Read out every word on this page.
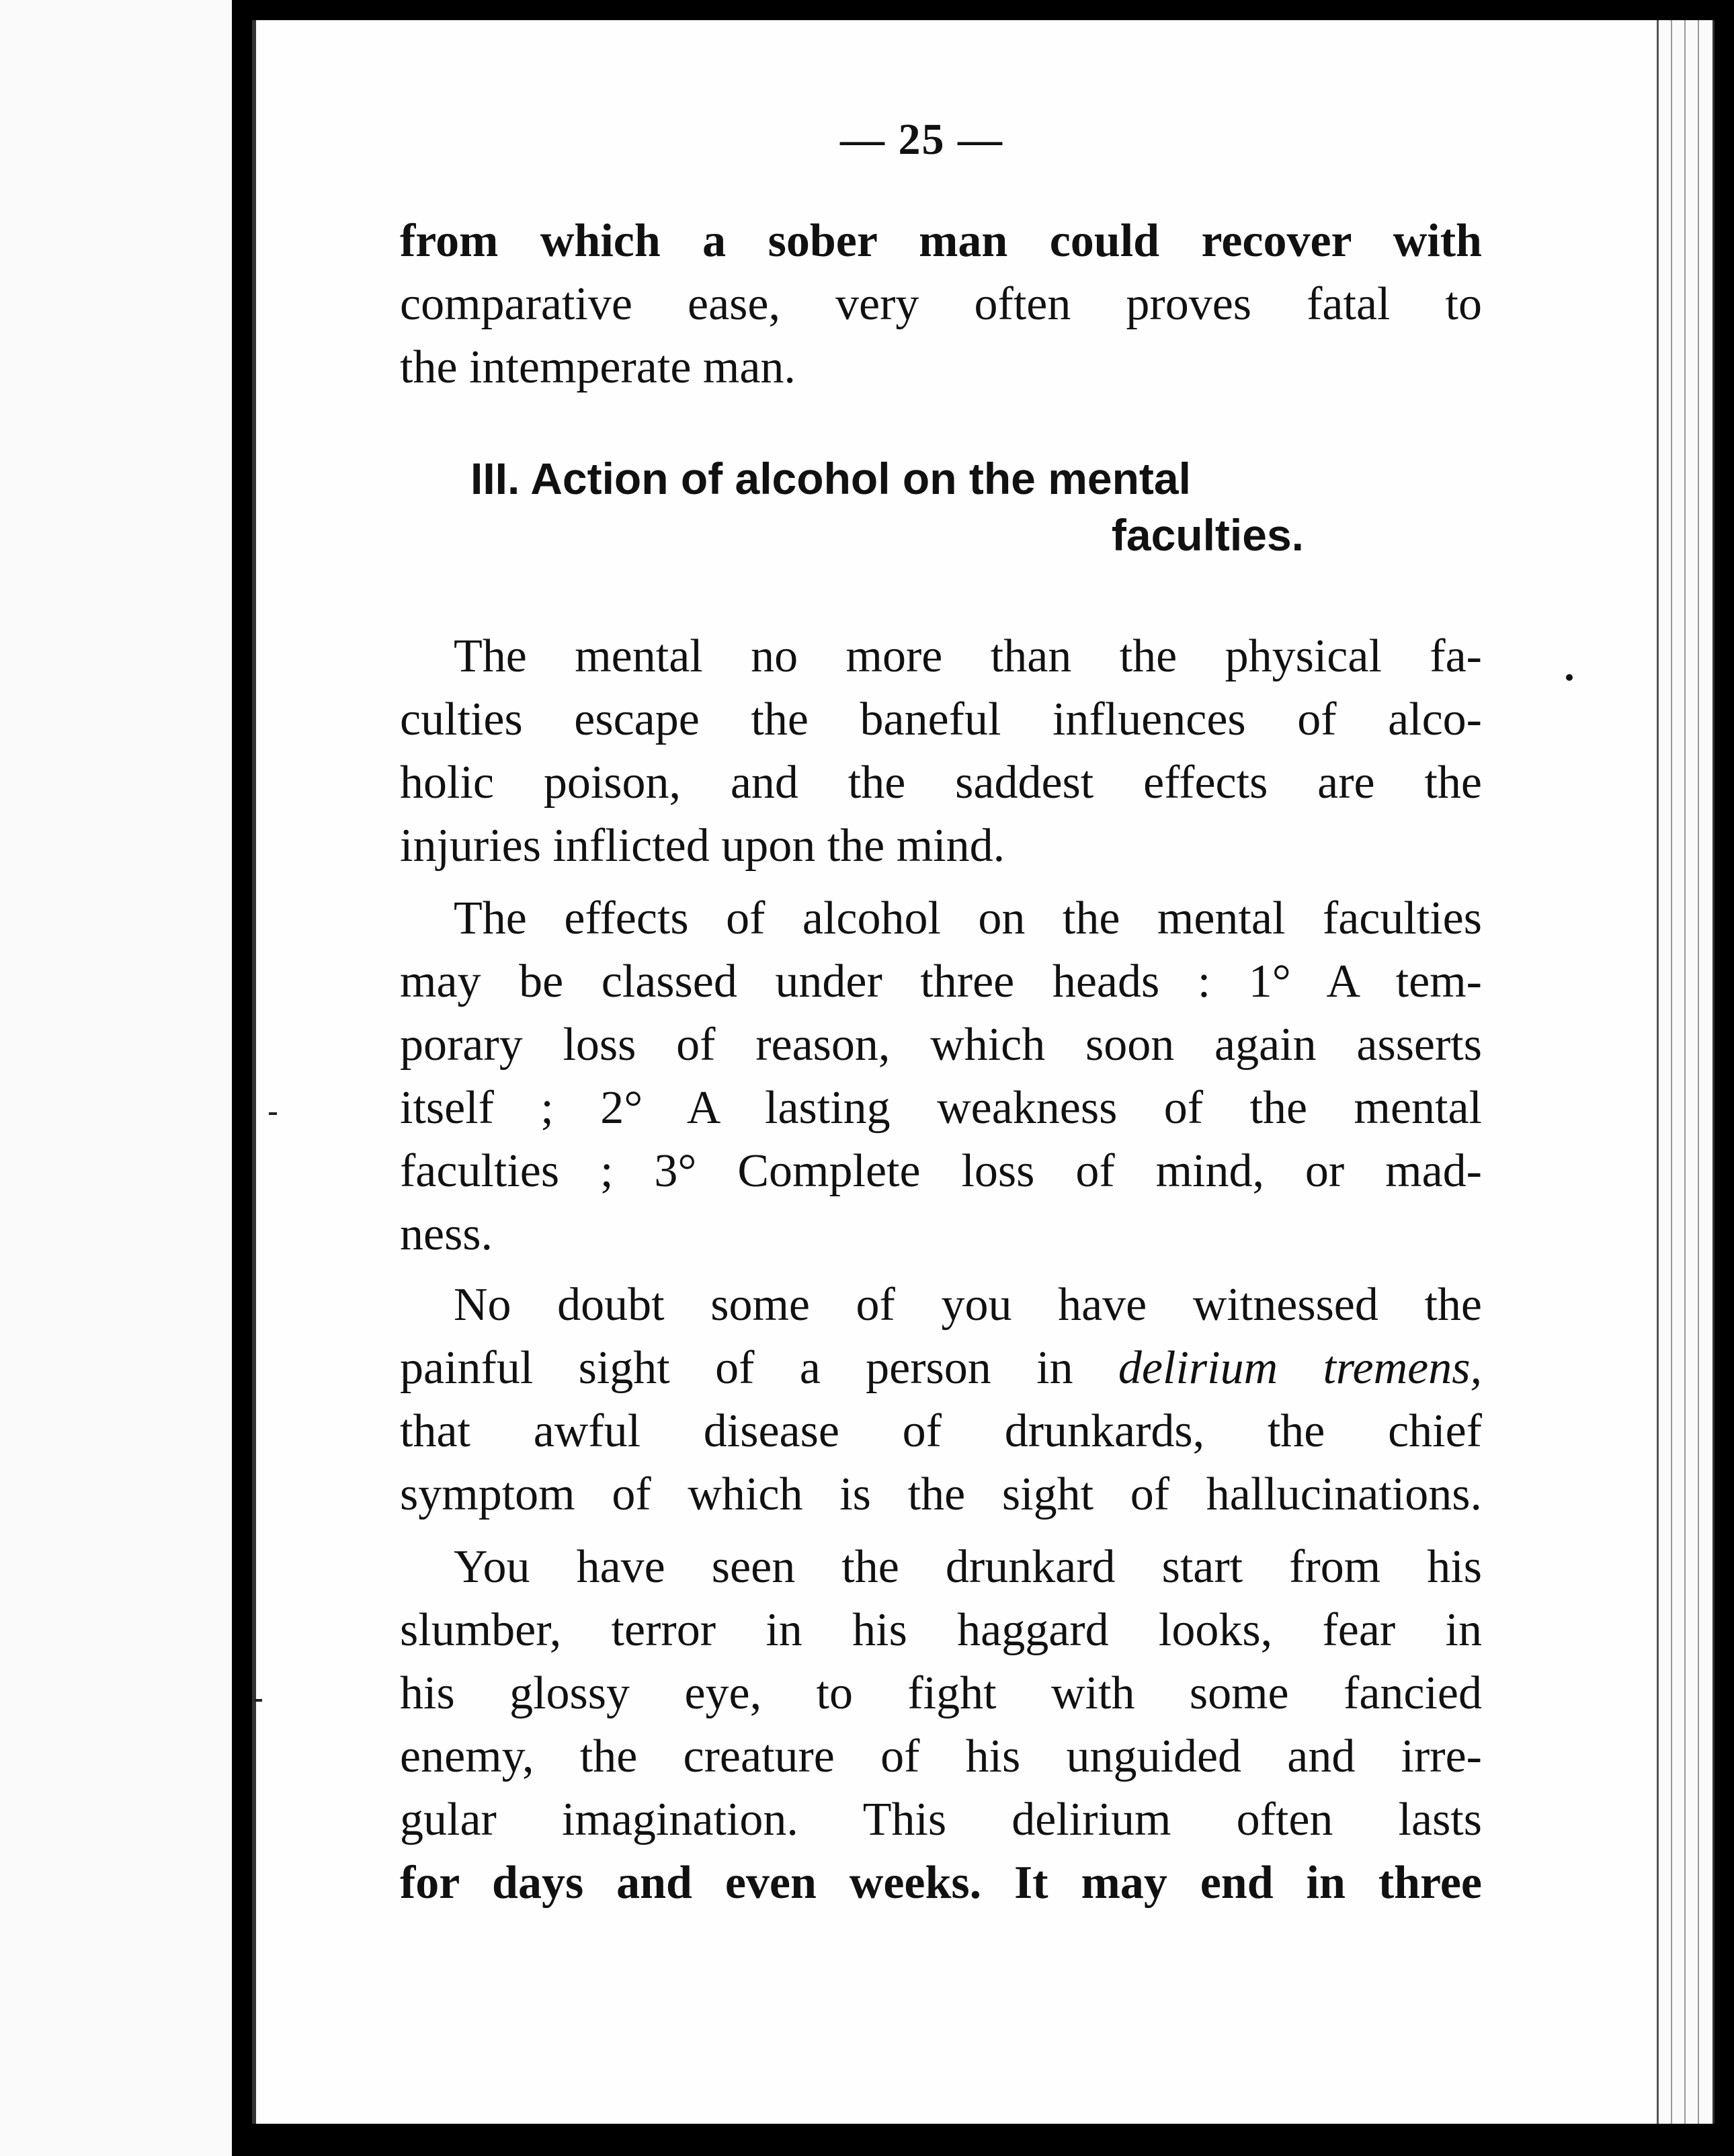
— 25 —
from which a sober man could recover with
comparative ease, very often proves fatal to
the intemperate man.
III. Action of alcohol on the mental
faculties.
The mental no more than the physical fa-
culties escape the baneful influences of alco-
holic poison, and the saddest effects are the
injuries inflicted upon the mind.
The effects of alcohol on the mental faculties
may be classed under three heads : 1° A tem-
porary loss of reason, which soon again asserts
itself ; 2° A lasting weakness of the mental
faculties ; 3° Complete loss of mind, or mad-
ness.
No doubt some of you have witnessed the
painful sight of a person in delirium tremens,
that awful disease of drunkards, the chief
symptom of which is the sight of hallucinations.
You have seen the drunkard start from his
slumber, terror in his haggard looks, fear in
his glossy eye, to fight with some fancied
enemy, the creature of his unguided and irre-
gular imagination. This delirium often lasts
for days and even weeks. It may end in three
